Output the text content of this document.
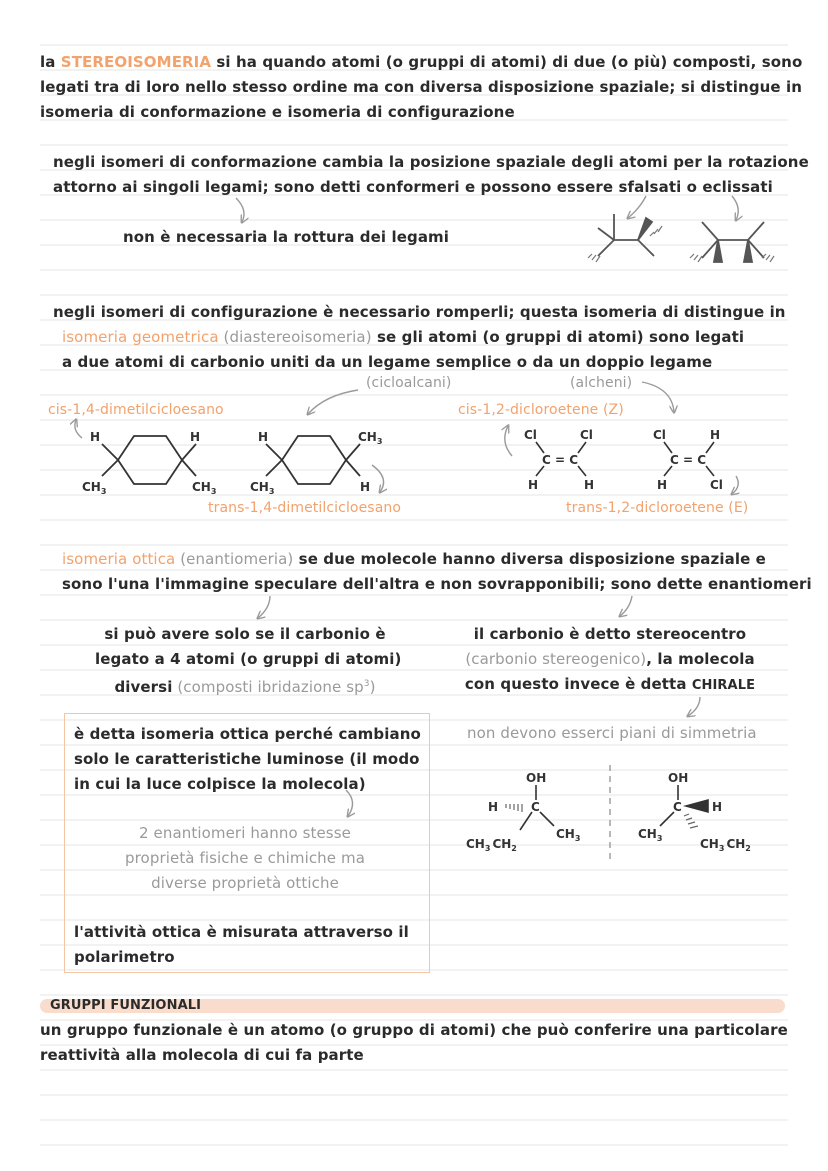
la STEREOISOMERIA si ha quando atomi (o gruppi di atomi) di due (o più) composti, sono
legati tra di loro nello stesso ordine ma con diversa disposizione spaziale; si distingue in
isomeria di conformazione e isomeria di configurazione
negli isomeri di conformazione cambia la posizione spaziale degli atomi per la rotazione
attorno ai singoli legami; sono detti conformeri e possono essere sfalsati o eclissati
non è necessaria la rottura dei legami
negli isomeri di configurazione è necessario romperli; questa isomeria di distingue in
isomeria geometrica (diastereoisomeria) se gli atomi (o gruppi di atomi) sono legati
a due atomi di carbonio uniti da un legame semplice o da un doppio legame
(cicloalcani)	(alcheni)
cis-1,4-dimetilcicloesano	cis-1,2-dicloroetene (Z)
trans-1,4-dimetilcicloesano	trans-1,2-dicloroetene (E)
isomeria ottica (enantiomeria) se due molecole hanno diversa disposizione spaziale e
sono l'una l'immagine speculare dell'altra e non sovrapponibili; sono dette enantiomeri
si può avere solo se il carbonio è
legato a 4 atomi (o gruppi di atomi)
diversi (composti ibridazione $sp^3$)
il carbonio è detto stereocentro
(carbonio stereogenico), la molecola
con questo invece è detta CHIRALE
è detta isomeria ottica perché cambiano
solo le caratteristiche luminose (il modo
in cui la luce colpisce la molecola)
2 enantiomeri hanno stesse
proprietà fisiche e chimiche ma
diverse proprietà ottiche
l'attività ottica è misurata attraverso il
polarimetro
non devono esserci piani di simmetria
GRUPPI FUNZIONALI
un gruppo funzionale è un atomo (o gruppo di atomi) che può conferire una particolare
reattività alla molecola di cui fa parte
H	H
$CH_3$	$CH_3$
H	$CH_3$
$CH_3$	H
Cl	Cl
C = C
H	H
Cl	H
C = C
H	Cl
OH
C
H
$CH_3$
$CH_3$ $CH_2$
OH
C	H
$CH_3$	$CH_3$ $CH_2$
